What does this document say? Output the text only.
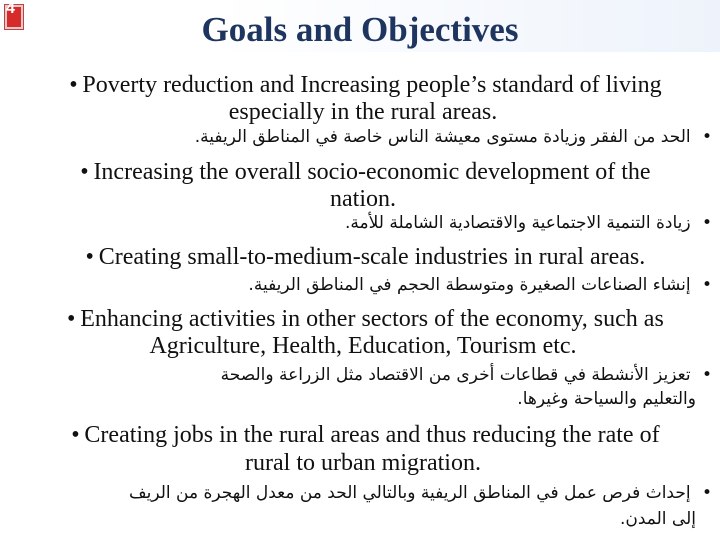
4
Goals and Objectives
• Poverty reduction and Increasing people’s standard of living
especially in the rural areas.
• الحد من الفقر وزيادة مستوى معيشة الناس خاصة في المناطق الريفية.
• Increasing the overall socio-economic development of the
nation.
• زيادة التنمية الاجتماعية والاقتصادية الشاملة للأمة.
• Creating small-to-medium-scale industries in rural areas.
• إنشاء الصناعات الصغيرة ومتوسطة الحجم في المناطق الريفية.
• Enhancing activities in other sectors of the economy, such as
Agriculture, Health, Education, Tourism etc.
• تعزيز الأنشطة في قطاعات أخرى من الاقتصاد مثل الزراعة والصحة
والتعليم والسياحة وغيرها.
• Creating jobs in the rural areas and thus reducing the rate of
rural to urban migration.
• إحداث فرص عمل في المناطق الريفية وبالتالي الحد من معدل الهجرة من الريف
إلى المدن.
